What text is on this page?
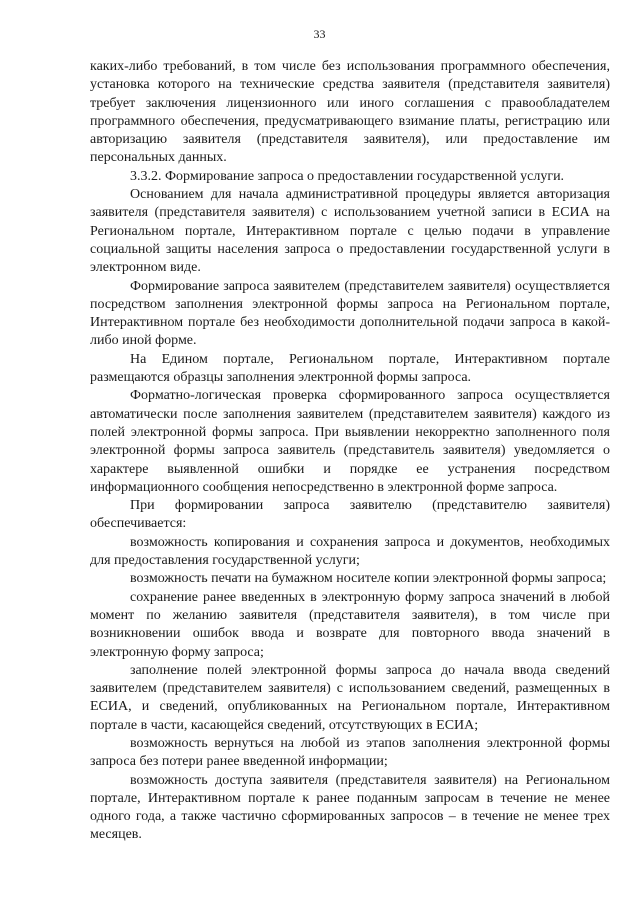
33

каких-либо требований, в том числе без использования программного обеспечения, установка которого на технические средства заявителя (представителя заявителя) требует заключения лицензионного или иного соглашения с правообладателем программного обеспечения, предусматривающего взимание платы, регистрацию или авторизацию заявителя (представителя заявителя), или предоставление им персональных данных.

3.3.2. Формирование запроса о предоставлении государственной услуги.

Основанием для начала административной процедуры является авторизация заявителя (представителя заявителя) с использованием учетной записи в ЕСИА на Региональном портале, Интерактивном портале с целью подачи в управление социальной защиты населения запроса о предоставлении государственной услуги в электронном виде.

Формирование запроса заявителем (представителем заявителя) осуществляется посредством заполнения электронной формы запроса на Региональном портале, Интерактивном портале без необходимости дополнительной подачи запроса в какой-либо иной форме.

На Едином портале, Региональном портале, Интерактивном портале размещаются образцы заполнения электронной формы запроса.

Форматно-логическая проверка сформированного запроса осуществляется автоматически после заполнения заявителем (представителем заявителя) каждого из полей электронной формы запроса. При выявлении некорректно заполненного поля электронной формы запроса заявитель (представитель заявителя) уведомляется о характере выявленной ошибки и порядке ее устранения посредством информационного сообщения непосредственно в электронной форме запроса.

При формировании запроса заявителю (представителю заявителя) обеспечивается:

возможность копирования и сохранения запроса и документов, необходимых для предоставления государственной услуги;

возможность печати на бумажном носителе копии электронной формы запроса;

сохранение ранее введенных в электронную форму запроса значений в любой момент по желанию заявителя (представителя заявителя), в том числе при возникновении ошибок ввода и возврате для повторного ввода значений в электронную форму запроса;

заполнение полей электронной формы запроса до начала ввода сведений заявителем (представителем заявителя) с использованием сведений, размещенных в ЕСИА, и сведений, опубликованных на Региональном портале, Интерактивном портале в части, касающейся сведений, отсутствующих в ЕСИА;

возможность вернуться на любой из этапов заполнения электронной формы запроса без потери ранее введенной информации;

возможность доступа заявителя (представителя заявителя) на Региональном портале, Интерактивном портале к ранее поданным запросам в течение не менее одного года, а также частично сформированных запросов – в течение не менее трех месяцев.
